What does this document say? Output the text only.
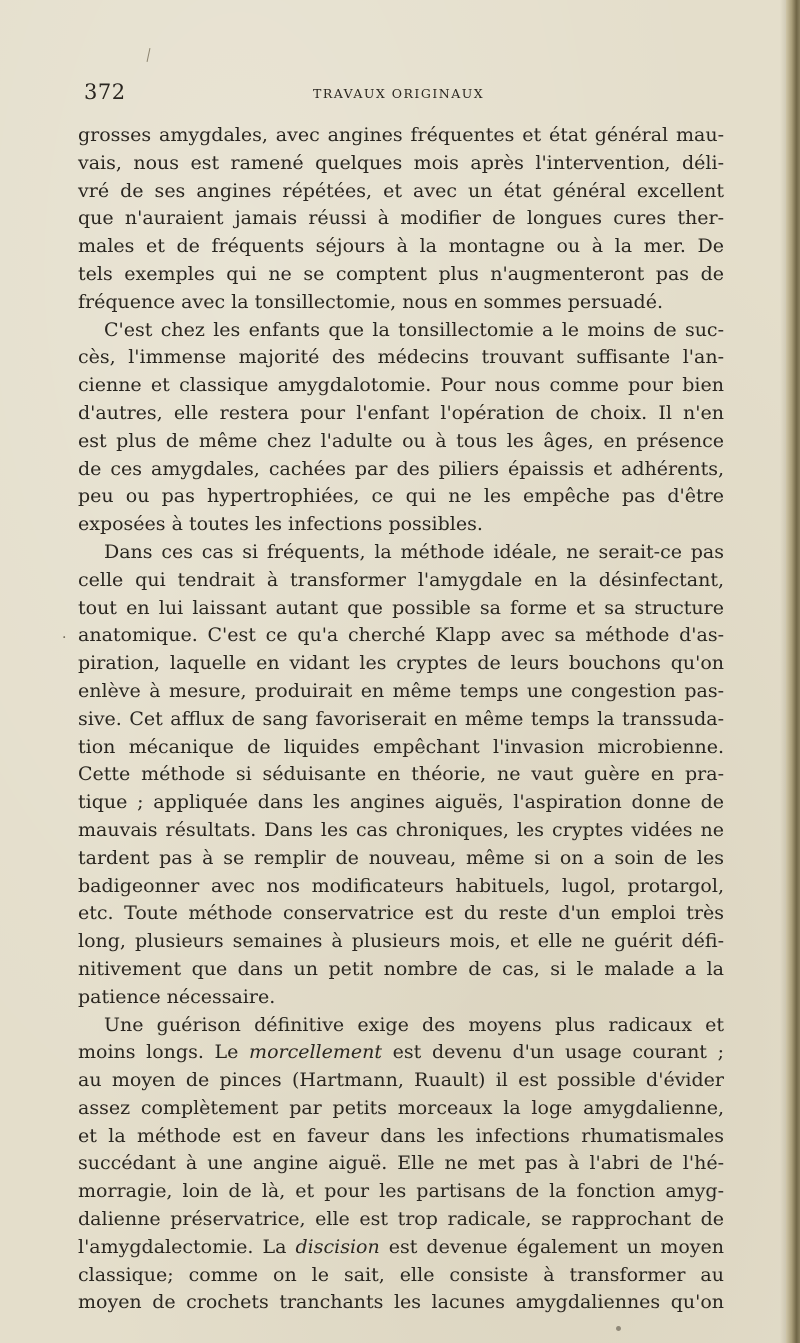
372	TRAVAUX ORIGINAUX
grosses amygdales, avec angines fréquentes et état général mau-
vais, nous est ramené quelques mois après l'intervention, déli-
vré de ses angines répétées, et avec un état général excellent
que n'auraient jamais réussi à modifier de longues cures ther-
males et de fréquents séjours à la montagne ou à la mer. De
tels exemples qui ne se comptent plus n'augmenteront pas de
fréquence avec la tonsillectomie, nous en sommes persuadé.
C'est chez les enfants que la tonsillectomie a le moins de suc-
cès, l'immense majorité des médecins trouvant suffisante l'an-
cienne et classique amygdalotomie. Pour nous comme pour bien
d'autres, elle restera pour l'enfant l'opération de choix. Il n'en
est plus de même chez l'adulte ou à tous les âges, en présence
de ces amygdales, cachées par des piliers épaissis et adhérents,
peu ou pas hypertrophiées, ce qui ne les empêche pas d'être
exposées à toutes les infections possibles.
Dans ces cas si fréquents, la méthode idéale, ne serait-ce pas
celle qui tendrait à transformer l'amygdale en la désinfectant,
tout en lui laissant autant que possible sa forme et sa structure
anatomique. C'est ce qu'a cherché Klapp avec sa méthode d'as-
piration, laquelle en vidant les cryptes de leurs bouchons qu'on
enlève à mesure, produirait en même temps une congestion pas-
sive. Cet afflux de sang favoriserait en même temps la transsuda-
tion mécanique de liquides empêchant l'invasion microbienne.
Cette méthode si séduisante en théorie, ne vaut guère en pra-
tique ; appliquée dans les angines aiguës, l'aspiration donne de
mauvais résultats. Dans les cas chroniques, les cryptes vidées ne
tardent pas à se remplir de nouveau, même si on a soin de les
badigeonner avec nos modificateurs habituels, lugol, protargol,
etc. Toute méthode conservatrice est du reste d'un emploi très
long, plusieurs semaines à plusieurs mois, et elle ne guérit défi-
nitivement que dans un petit nombre de cas, si le malade a la
patience nécessaire.
Une guérison définitive exige des moyens plus radicaux et
moins longs. Le morcellement est devenu d'un usage courant ;
au moyen de pinces (Hartmann, Ruault) il est possible d'évider
assez complètement par petits morceaux la loge amygdalienne,
et la méthode est en faveur dans les infections rhumatismales
succédant à une angine aiguë. Elle ne met pas à l'abri de l'hé-
morragie, loin de là, et pour les partisans de la fonction amyg-
dalienne préservatrice, elle est trop radicale, se rapprochant de
l'amygdalectomie. La discision est devenue également un moyen
classique; comme on le sait, elle consiste à transformer au
moyen de crochets tranchants les lacunes amygdaliennes qu'on
·
